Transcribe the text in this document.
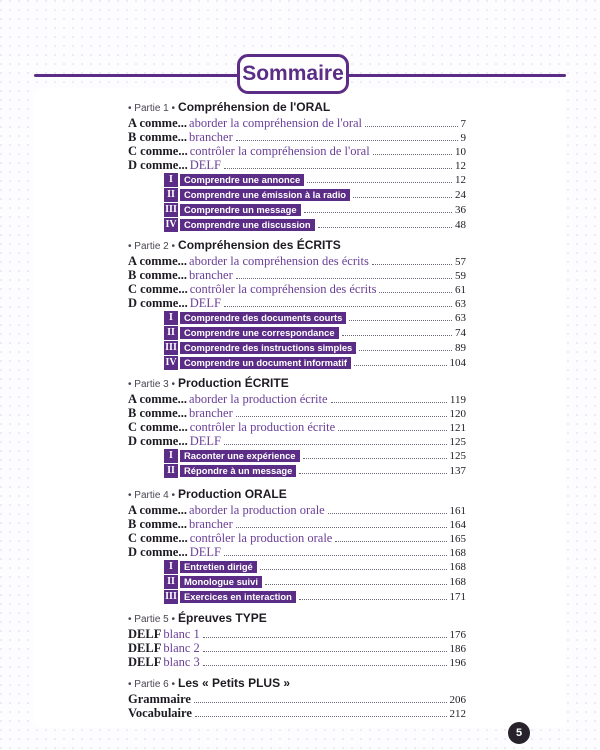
Sommaire
• Partie 1 • Compréhension de l'ORAL
A comme... aborder la compréhension de l'oral	7
B comme... brancher	9
C comme... contrôler la compréhension de l'oral	10
D comme... DELF	12
I	Comprendre une annonce	12
II Comprendre une émission à la radio	24
III Comprendre un message	36
IV Comprendre une discussion	48
• Partie 2 • Compréhension des ÉCRITS
A comme... aborder la compréhension des écrits	57
B comme... brancher	59
C comme... contrôler la compréhension des écrits	61
D comme... DELF	63
I	Comprendre des documents courts	63
II Comprendre une correspondance	74
III Comprendre des instructions simples	89
IV Comprendre un document informatif	104
• Partie 3 • Production ÉCRITE
A comme... aborder la production écrite	119
B comme... brancher	120
C comme... contrôler la production écrite	121
D comme... DELF	125
I	Raconter une expérience	125
II Répondre à un message	137
• Partie 4 • Production ORALE
A comme... aborder la production orale	161
B comme... brancher	164
C comme... contrôler la production orale	165
D comme... DELF	168
I	Entretien dirigé	168
II Monologue suivi	168
III Exercices en interaction	171
• Partie 5 • Épreuves TYPE
DELF blanc 1	176
DELF blanc 2	186
DELF blanc 3	196
• Partie 6 • Les « Petits PLUS »
Grammaire	206
Vocabulaire	212
5
